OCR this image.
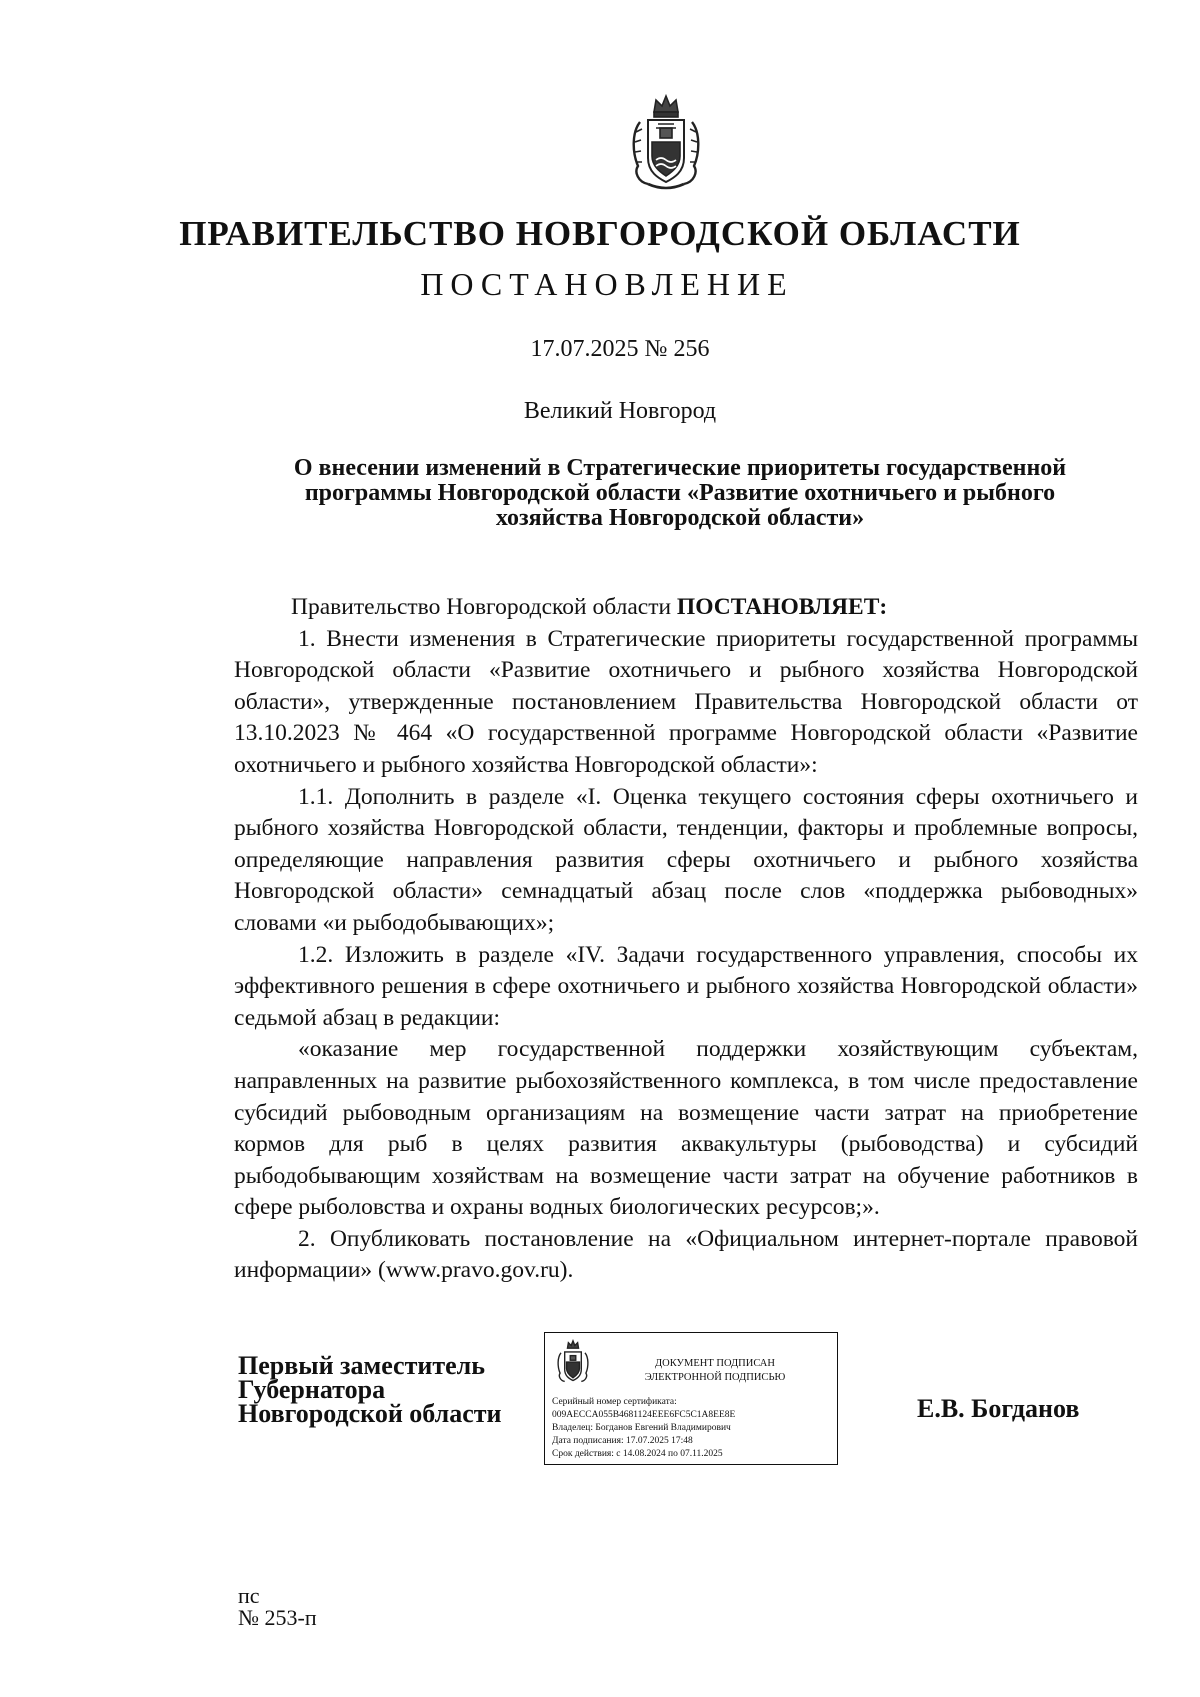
ПРАВИТЕЛЬСТВО НОВГОРОДСКОЙ ОБЛАСТИ
ПОСТАНОВЛЕНИЕ
17.07.2025 № 256
Великий Новгород
О внесении изменений в Стратегические приоритеты государственной
программы Новгородской области «Развитие охотничьего и рыбного
хозяйства Новгородской области»

Правительство Новгородской области ПОСТАНОВЛЯЕТ:

1. Внести изменения в Стратегические приоритеты государственной программы Новгородской области «Развитие охотничьего и рыбного хозяйства Новгородской области», утвержденные постановлением Правительства Новгородской области от 13.10.2023 № 464 «О государственной программе Новгородской области «Развитие охотничьего и рыбного хозяйства Новгородской области»:

1.1. Дополнить в разделе «I. Оценка текущего состояния сферы охотничьего и рыбного хозяйства Новгородской области, тенденции, факторы и проблемные вопросы, определяющие направления развития сферы охотничьего и рыбного хозяйства Новгородской области» семнадцатый абзац после слов «поддержка рыбоводных» словами «и рыбодобывающих»;

1.2. Изложить в разделе «IV. Задачи государственного управления, способы их эффективного решения в сфере охотничьего и рыбного хозяйства Новгородской области» седьмой абзац в редакции:

«оказание мер государственной поддержки хозяйствующим субъектам, направленных на развитие рыбохозяйственного комплекса, в том числе предоставление субсидий рыбоводным организациям на возмещение части затрат на приобретение кормов для рыб в целях развития аквакультуры (рыбоводства) и субсидий рыбодобывающим хозяйствам на возмещение части затрат на обучение работников в сфере рыболовства и охраны водных биологических ресурсов;».

2. Опубликовать постановление на «Официальном интернет-портале правовой информации» (www.pravo.gov.ru).

Первый заместитель
Губернатора
Новгородской области
ДОКУМЕНТ ПОДПИСАН
ЭЛЕКТРОННОЙ ПОДПИСЬЮ
Серийный номер сертификата:
009AECCA055B4681124EEE6FC5C1A8EE8E
Владелец: Богданов Евгений Владимирович
Дата подписания: 17.07.2025 17:48
Срок действия: с 14.08.2024 по 07.11.2025
Е.В. Богданов
пс
№ 253-п
